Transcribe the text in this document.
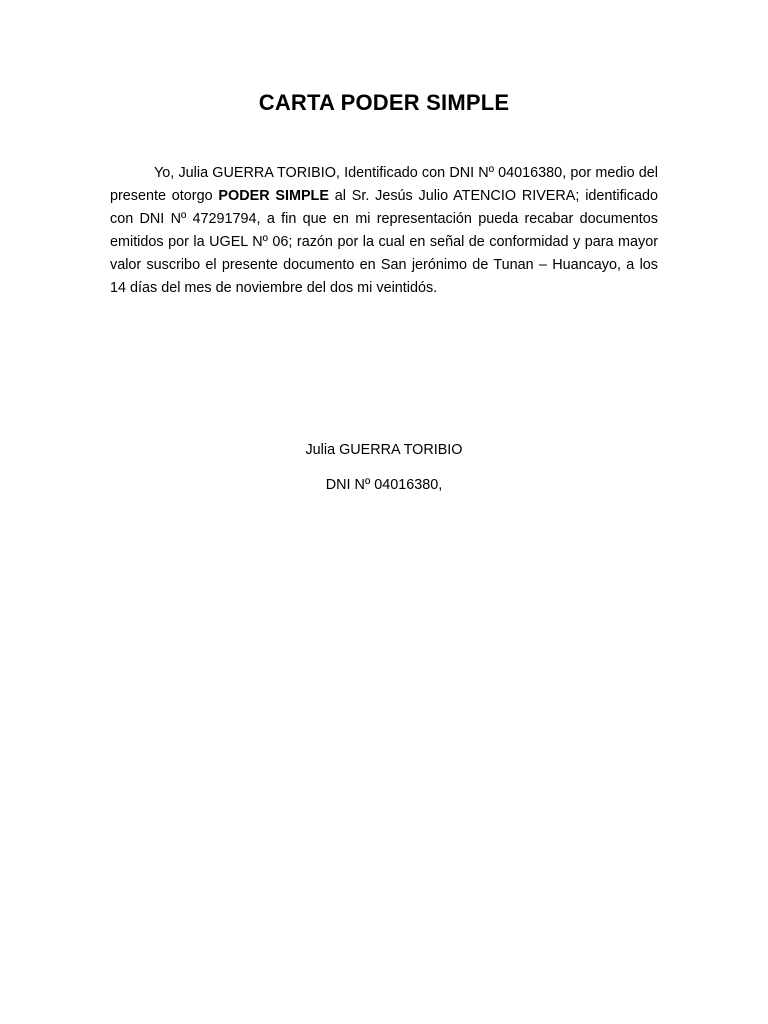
CARTA PODER SIMPLE

Yo, Julia GUERRA TORIBIO, Identificado con DNI Nº 04016380, por medio del presente otorgo PODER SIMPLE al Sr. Jesús Julio ATENCIO RIVERA; identificado con DNI Nº 47291794, a fin que en mi representación pueda recabar documentos emitidos por la UGEL Nº 06; razón por la cual en señal de conformidad y para mayor valor suscribo el presente documento en San jerónimo de Tunan – Huancayo, a los 14 días del mes de noviembre del dos mi veintidós.

Julia GUERRA TORIBIO

DNI Nº 04016380,
